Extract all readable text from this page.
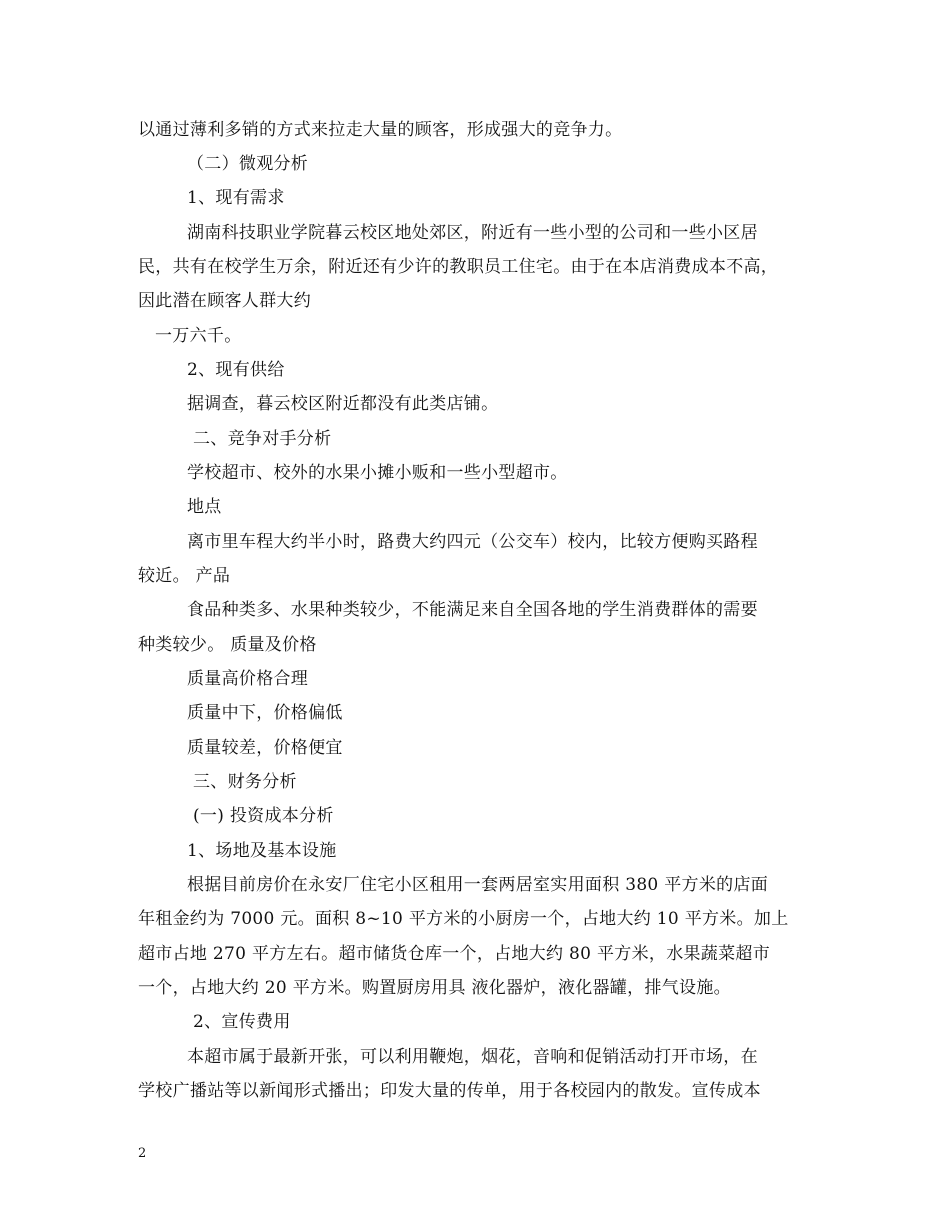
以通过薄利多销的方式来拉走大量的顾客，形成强大的竞争力。
（二）微观分析
1、现有需求
湖南科技职业学院暮云校区地处郊区，附近有一些小型的公司和一些小区居
民，共有在校学生万余，附近还有少许的教职员工住宅。由于在本店消费成本不高，
因此潜在顾客人群大约
一万六千。
2、现有供给
据调查，暮云校区附近都没有此类店铺。
二、竞争对手分析
学校超市、校外的水果小摊小贩和一些小型超市。
地点
离市里车程大约半小时，路费大约四元（公交车）校内，比较方便购买路程
较近。 产品
食品种类多、水果种类较少，不能满足来自全国各地的学生消费群体的需要
种类较少。 质量及价格
质量高价格合理
质量中下，价格偏低
质量较差，价格便宜
三、财务分析
(一) 投资成本分析
1、场地及基本设施
根据目前房价在永安厂住宅小区租用一套两居室实用面积 380 平方米的店面
年租金约为 7000 元。面积 8~10 平方米的小厨房一个，占地大约 10 平方米。加上
超市占地 270 平方左右。超市储货仓库一个，占地大约 80 平方米，水果蔬菜超市
一个，占地大约 20 平方米。购置厨房用具 液化器炉，液化器罐，排气设施。
2、宣传费用
本超市属于最新开张，可以利用鞭炮，烟花，音响和促销活动打开市场，在
学校广播站等以新闻形式播出；印发大量的传单，用于各校园内的散发。宣传成本
2
